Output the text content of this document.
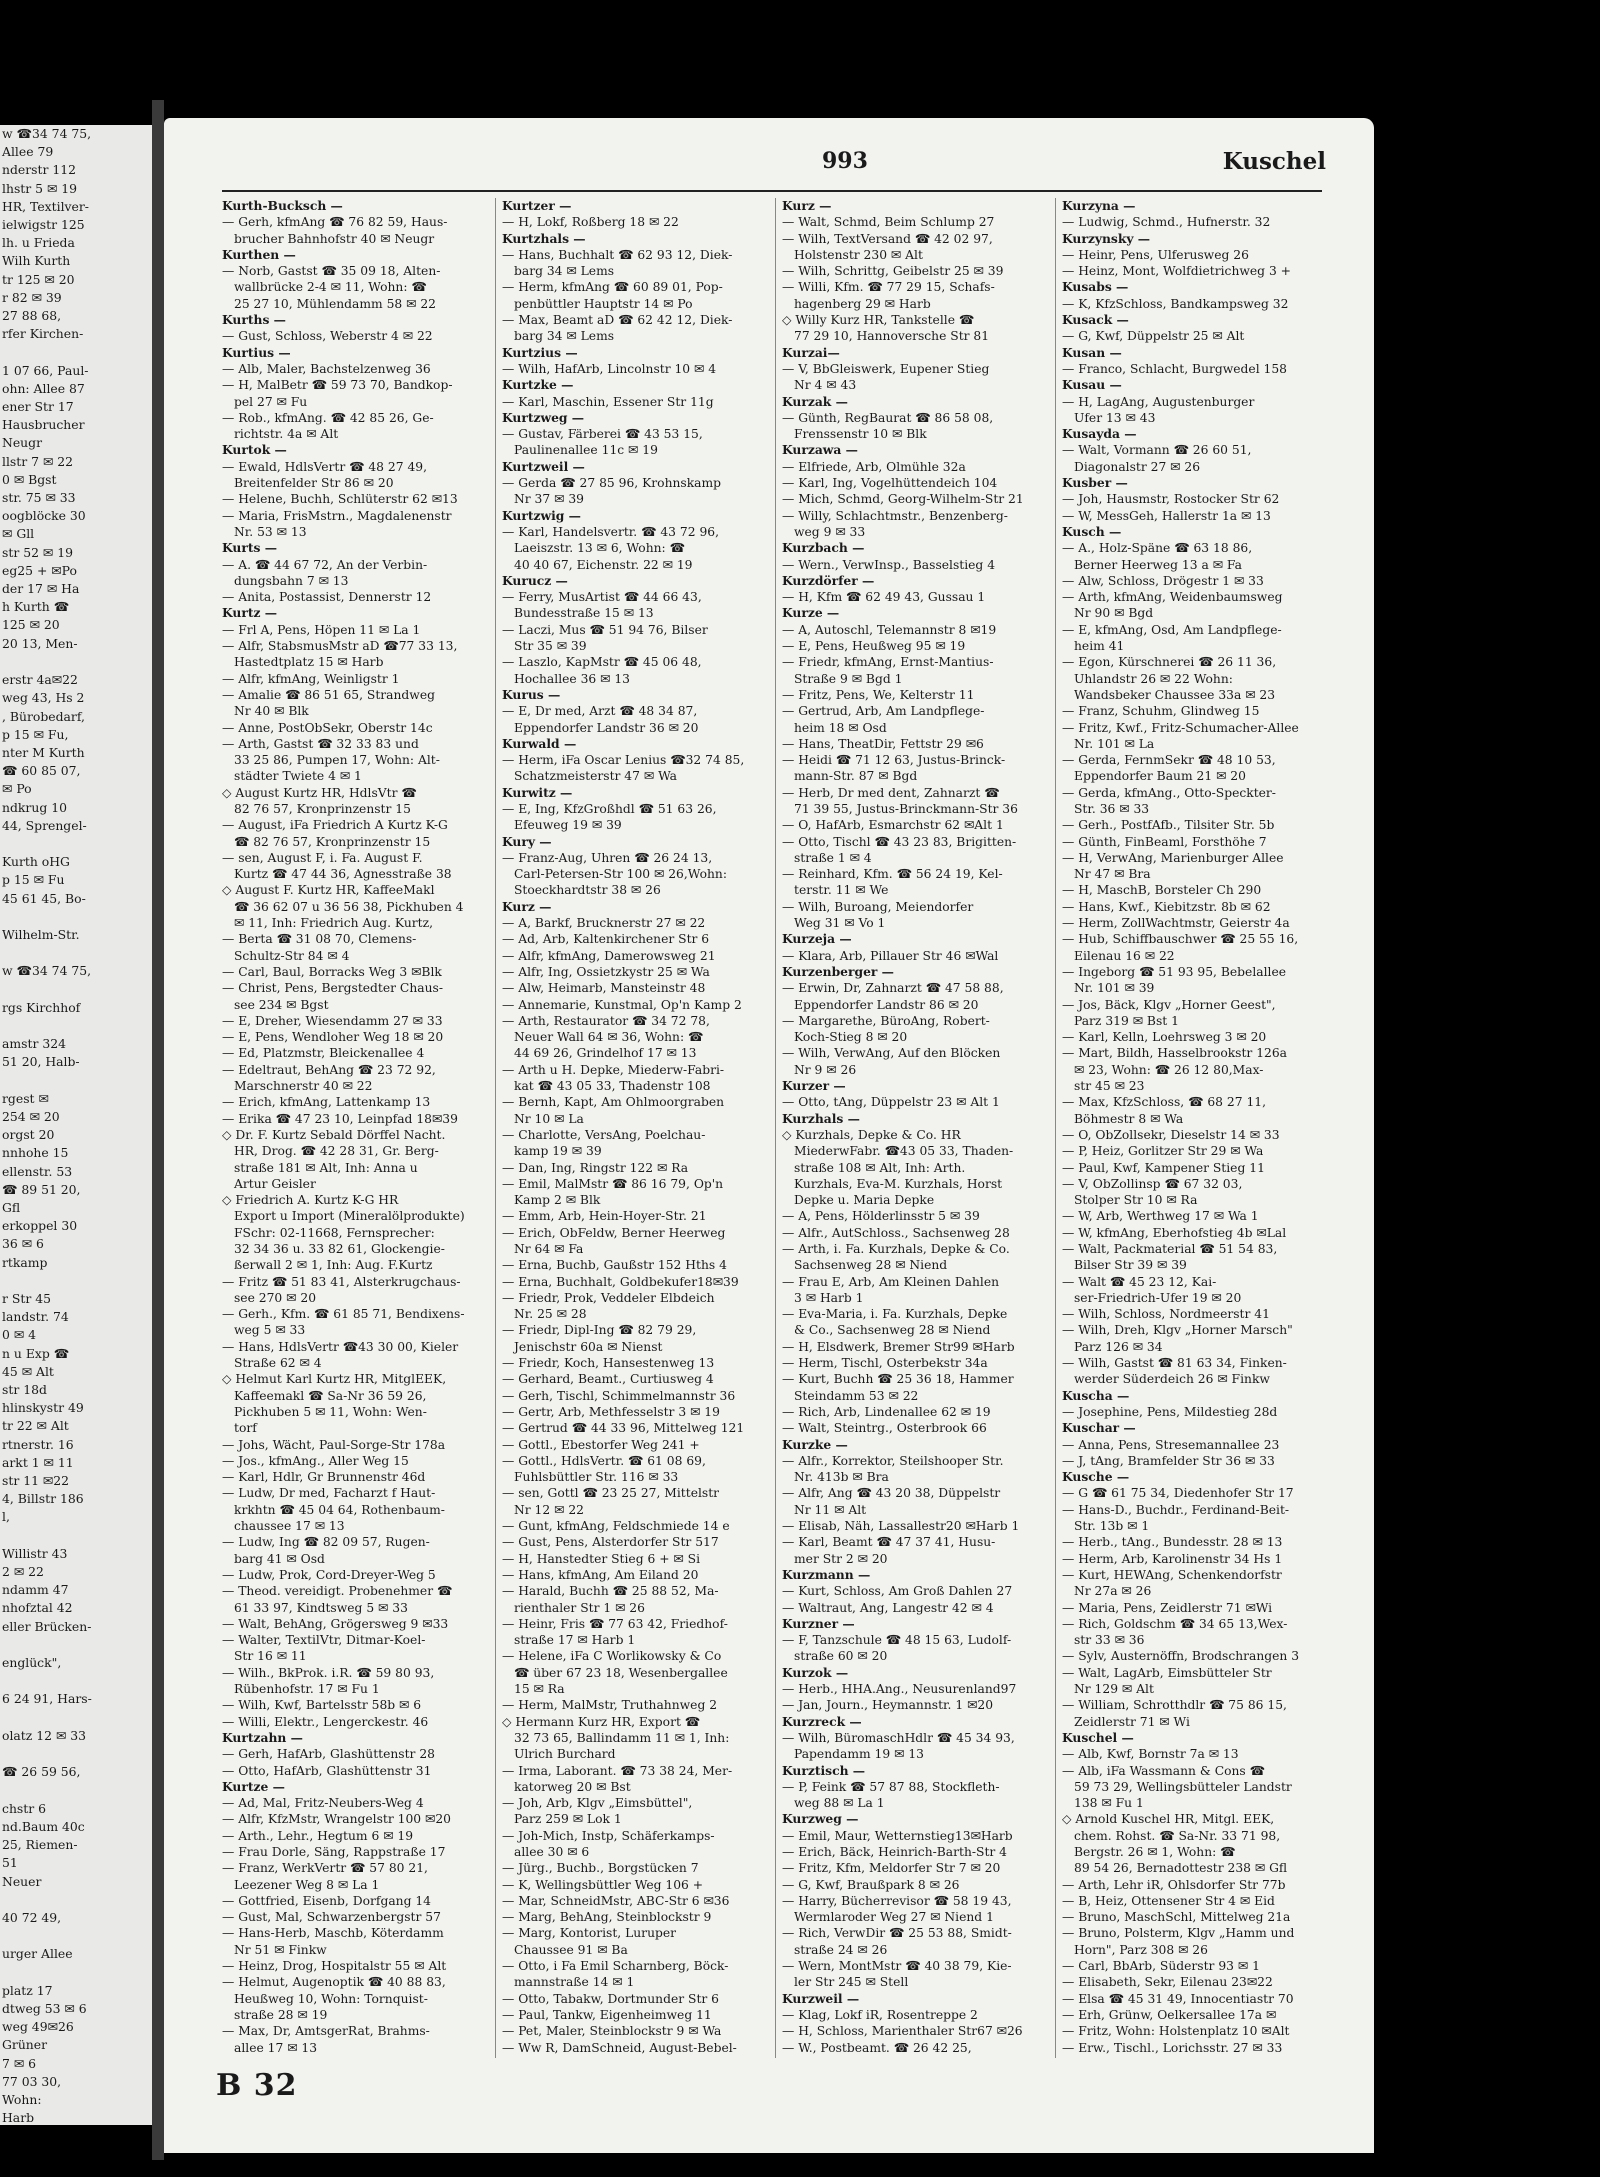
w ☎34 74 75,
Allee 79
nderstr 112
lhstr 5 ✉ 19
HR, Textilver-
ielwigstr 125
lh. u Frieda
Wilh Kurth
tr 125 ✉ 20
r 82 ✉ 39
27 88 68,
rfer Kirchen-

1 07 66, Paul-
ohn: Allee 87
ener Str 17
Hausbrucher
Neugr
llstr 7 ✉ 22
0 ✉ Bgst
str. 75 ✉ 33
oogblöcke 30
✉ Gll
str 52 ✉ 19
eg25 + ✉Po
der 17 ✉ Ha
h Kurth ☎
125 ✉ 20
20 13, Men-

erstr 4a✉22
weg 43, Hs 2
, Bürobedarf,
p 15 ✉ Fu,
nter M Kurth
☎ 60 85 07,
✉ Po
ndkrug 10
44, Sprengel-

Kurth oHG
p 15 ✉ Fu
45 61 45, Bo-

Wilhelm-Str.

w ☎34 74 75,

rgs Kirchhof

amstr 324
51 20, Halb-

rgest ✉
254 ✉ 20
orgst 20
nnhohe 15
ellenstr. 53
☎ 89 51 20,
Gfl
erkoppel 30
36 ✉ 6
rtkamp

r Str 45
landstr. 74
0 ✉ 4
n u Exp ☎
45 ✉ Alt
str 18d
hlinskystr 49
tr 22 ✉ Alt
rtnerstr. 16
arkt 1 ✉ 11
str 11 ✉22
4, Billstr 186
l,

Willistr 43
2 ✉ 22
ndamm 47
nhofztal 42
eller Brücken-

englück",

6 24 91, Hars-

olatz 12 ✉ 33

☎ 26 59 56,

chstr 6
nd.Baum 40c
25, Riemen-
51
Neuer

40 72 49,

urger Allee

platz 17
dtweg 53 ✉ 6
weg 49✉26
Grüner
7 ✉ 6
77 03 30,
Wohn:
Harb
993	Kuschel
Kurth-Bucksch —
— Gerh, kfmAng ☎ 76 82 59, Haus-
brucher Bahnhofstr 40 ✉ Neugr
Kurthen —
— Norb, Gastst ☎ 35 09 18, Alten-
wallbrücke 2-4 ✉ 11, Wohn: ☎
25 27 10, Mühlendamm 58 ✉ 22
Kurths —
— Gust, Schloss, Weberstr 4 ✉ 22
Kurtius —
— Alb, Maler, Bachstelzenweg 36
— H, MalBetr ☎ 59 73 70, Bandkop-
pel 27 ✉ Fu
— Rob., kfmAng. ☎ 42 85 26, Ge-
richtstr. 4a ✉ Alt
Kurtok —
— Ewald, HdlsVertr ☎ 48 27 49,
Breitenfelder Str 86 ✉ 20
— Helene, Buchh, Schlüterstr 62 ✉13
— Maria, FrisMstrn., Magdalenenstr
Nr. 53 ✉ 13
Kurts —
— A. ☎ 44 67 72, An der Verbin-
dungsbahn 7 ✉ 13
— Anita, Postassist, Dennerstr 12
Kurtz —
— Frl A, Pens, Höpen 11 ✉ La 1
— Alfr, StabsmusMstr aD ☎77 33 13,
Hastedtplatz 15 ✉ Harb
— Alfr, kfmAng, Weinligstr 1
— Amalie ☎ 86 51 65, Strandweg
Nr 40 ✉ Blk
— Anne, PostObSekr, Oberstr 14c
— Arth, Gastst ☎ 32 33 83 und
33 25 86, Pumpen 17, Wohn: Alt-
städter Twiete 4 ✉ 1
◇ August Kurtz HR, HdlsVtr ☎
82 76 57, Kronprinzenstr 15
— August, iFa Friedrich A Kurtz K-G
☎ 82 76 57, Kronprinzenstr 15
— sen, August F, i. Fa. August F.
Kurtz ☎ 47 44 36, Agnesstraße 38
◇ August F. Kurtz HR, KaffeeMakl
☎ 36 62 07 u 36 56 38, Pickhuben 4
✉ 11, Inh: Friedrich Aug. Kurtz,
— Berta ☎ 31 08 70, Clemens-
Schultz-Str 84 ✉ 4
— Carl, Baul, Borracks Weg 3 ✉Blk
— Christ, Pens, Bergstedter Chaus-
see 234 ✉ Bgst
— E, Dreher, Wiesendamm 27 ✉ 33
— E, Pens, Wendloher Weg 18 ✉ 20
— Ed, Platzmstr, Bleickenallee 4
— Edeltraut, BehAng ☎ 23 72 92,
Marschnerstr 40 ✉ 22
— Erich, kfmAng, Lattenkamp 13
— Erika ☎ 47 23 10, Leinpfad 18✉39
◇ Dr. F. Kurtz Sebald Dörffel Nacht.
HR, Drog. ☎ 42 28 31, Gr. Berg-
straße 181 ✉ Alt, Inh: Anna u
Artur Geisler
◇ Friedrich A. Kurtz K-G HR
Export u Import (Mineralölprodukte)
FSchr: 02-11668, Fernsprecher:
32 34 36 u. 33 82 61, Glockengie-
ßerwall 2 ✉ 1, Inh: Aug. F.Kurtz
— Fritz ☎ 51 83 41, Alsterkrugchaus-
see 270 ✉ 20
— Gerh., Kfm. ☎ 61 85 71, Bendixens-
weg 5 ✉ 33
— Hans, HdlsVertr ☎43 30 00, Kieler
Straße 62 ✉ 4
◇ Helmut Karl Kurtz HR, MitglEEK,
Kaffeemakl ☎ Sa-Nr 36 59 26,
Pickhuben 5 ✉ 11, Wohn: Wen-
torf
— Johs, Wächt, Paul-Sorge-Str 178a
— Jos., kfmAng., Aller Weg 15
— Karl, Hdlr, Gr Brunnenstr 46d
— Ludw, Dr med, Facharzt f Haut-
krkhtn ☎ 45 04 64, Rothenbaum-
chaussee 17 ✉ 13
— Ludw, Ing ☎ 82 09 57, Rugen-
barg 41 ✉ Osd
— Ludw, Prok, Cord-Dreyer-Weg 5
— Theod. vereidigt. Probenehmer ☎
61 33 97, Kindtsweg 5 ✉ 33
— Walt, BehAng, Grögersweg 9 ✉33
— Walter, TextilVtr, Ditmar-Koel-
Str 16 ✉ 11
— Wilh., BkProk. i.R. ☎ 59 80 93,
Rübenhofstr. 17 ✉ Fu 1
— Wilh, Kwf, Bartelsstr 58b ✉ 6
— Willi, Elektr., Lengerckestr. 46
Kurtzahn —
— Gerh, HafArb, Glashüttenstr 28
— Otto, HafArb, Glashüttenstr 31
Kurtze —
— Ad, Mal, Fritz-Neubers-Weg 4
— Alfr, KfzMstr, Wrangelstr 100 ✉20
— Arth., Lehr., Hegtum 6 ✉ 19
— Frau Dorle, Säng, Rappstraße 17
— Franz, WerkVertr ☎ 57 80 21,
Leezener Weg 8 ✉ La 1
— Gottfried, Eisenb, Dorfgang 14
— Gust, Mal, Schwarzenbergstr 57
— Hans-Herb, Maschb, Köterdamm
Nr 51 ✉ Finkw
— Heinz, Drog, Hospitalstr 55 ✉ Alt
— Helmut, Augenoptik ☎ 40 88 83,
Heußweg 10, Wohn: Tornquist-
straße 28 ✉ 19
— Max, Dr, AmtsgerRat, Brahms-
allee 17 ✉ 13
Kurtzer —
— H, Lokf, Roßberg 18 ✉ 22
Kurtzhals —
— Hans, Buchhalt ☎ 62 93 12, Diek-
barg 34 ✉ Lems
— Herm, kfmAng ☎ 60 89 01, Pop-
penbüttler Hauptstr 14 ✉ Po
— Max, Beamt aD ☎ 62 42 12, Diek-
barg 34 ✉ Lems
Kurtzius —
— Wilh, HafArb, Lincolnstr 10 ✉ 4
Kurtzke —
— Karl, Maschin, Essener Str 11g
Kurtzweg —
— Gustav, Färberei ☎ 43 53 15,
Paulinenallee 11c ✉ 19
Kurtzweil —
— Gerda ☎ 27 85 96, Krohnskamp
Nr 37 ✉ 39
Kurtzwig —
— Karl, Handelsvertr. ☎ 43 72 96,
Laeiszstr. 13 ✉ 6, Wohn: ☎
40 40 67, Eichenstr. 22 ✉ 19
Kurucz —
— Ferry, MusArtist ☎ 44 66 43,
Bundesstraße 15 ✉ 13
— Laczi, Mus ☎ 51 94 76, Bilser
Str 35 ✉ 39
— Laszlo, KapMstr ☎ 45 06 48,
Hochallee 36 ✉ 13
Kurus —
— E, Dr med, Arzt ☎ 48 34 87,
Eppendorfer Landstr 36 ✉ 20
Kurwald —
— Herm, iFa Oscar Lenius ☎32 74 85,
Schatzmeisterstr 47 ✉ Wa
Kurwitz —
— E, Ing, KfzGroßhdl ☎ 51 63 26,
Efeuweg 19 ✉ 39
Kury —
— Franz-Aug, Uhren ☎ 26 24 13,
Carl-Petersen-Str 100 ✉ 26,Wohn:
Stoeckhardtstr 38 ✉ 26
Kurz —
— A, Barkf, Brucknerstr 27 ✉ 22
— Ad, Arb, Kaltenkirchener Str 6
— Alfr, kfmAng, Damerowsweg 21
— Alfr, Ing, Ossietzkystr 25 ✉ Wa
— Alw, Heimarb, Mansteinstr 48
— Annemarie, Kunstmal, Op'n Kamp 2
— Arth, Restaurator ☎ 34 72 78,
Neuer Wall 64 ✉ 36, Wohn: ☎
44 69 26, Grindelhof 17 ✉ 13
— Arth u H. Depke, Miederw-Fabri-
kat ☎ 43 05 33, Thadenstr 108
— Bernh, Kapt, Am Ohlmoorgraben
Nr 10 ✉ La
— Charlotte, VersAng, Poelchau-
kamp 19 ✉ 39
— Dan, Ing, Ringstr 122 ✉ Ra
— Emil, MalMstr ☎ 86 16 79, Op'n
Kamp 2 ✉ Blk
— Emm, Arb, Hein-Hoyer-Str. 21
— Erich, ObFeldw, Berner Heerweg
Nr 64 ✉ Fa
— Erna, Buchb, Gaußstr 152 Hths 4
— Erna, Buchhalt, Goldbekufer18✉39
— Friedr, Prok, Veddeler Elbdeich
Nr. 25 ✉ 28
— Friedr, Dipl-Ing ☎ 82 79 29,
Jenischstr 60a ✉ Nienst
— Friedr, Koch, Hansestenweg 13
— Gerhard, Beamt., Curtiusweg 4
— Gerh, Tischl, Schimmelmannstr 36
— Gertr, Arb, Methfesselstr 3 ✉ 19
— Gertrud ☎ 44 33 96, Mittelweg 121
— Gottl., Ebestorfer Weg 241 +
— Gottl., HdlsVertr. ☎ 61 08 69,
Fuhlsbüttler Str. 116 ✉ 33
— sen, Gottl ☎ 23 25 27, Mittelstr
Nr 12 ✉ 22
— Gunt, kfmAng, Feldschmiede 14 e
— Gust, Pens, Alsterdorfer Str 517
— H, Hanstedter Stieg 6 + ✉ Si
— Hans, kfmAng, Am Eiland 20
— Harald, Buchh ☎ 25 88 52, Ma-
rienthaler Str 1 ✉ 26
— Heinr, Fris ☎ 77 63 42, Friedhof-
straße 17 ✉ Harb 1
— Helene, iFa C Worlikowsky & Co
☎ über 67 23 18, Wesenbergallee
15 ✉ Ra
— Herm, MalMstr, Truthahnweg 2
◇ Hermann Kurz HR, Export ☎
32 73 65, Ballindamm 11 ✉ 1, Inh:
Ulrich Burchard
— Irma, Laborant. ☎ 73 38 24, Mer-
katorweg 20 ✉ Bst
— Joh, Arb, Klgv „Eimsbüttel",
Parz 259 ✉ Lok 1
— Joh-Mich, Instp, Schäferkamps-
allee 30 ✉ 6
— Jürg., Buchb., Borgstücken 7
— K, Wellingsbüttler Weg 106 +
— Mar, SchneidMstr, ABC-Str 6 ✉36
— Marg, BehAng, Steinblockstr 9
— Marg, Kontorist, Luruper
Chaussee 91 ✉ Ba
— Otto, i Fa Emil Scharnberg, Böck-
mannstraße 14 ✉ 1
— Otto, Tabakw, Dortmunder Str 6
— Paul, Tankw, Eigenheimweg 11
— Pet, Maler, Steinblockstr 9 ✉ Wa
— Ww R, DamSchneid, August-Bebel-
Kurz —
— Walt, Schmd, Beim Schlump 27
— Wilh, TextVersand ☎ 42 02 97,
Holstenstr 230 ✉ Alt
— Wilh, Schrittg, Geibelstr 25 ✉ 39
— Willi, Kfm. ☎ 77 29 15, Schafs-
hagenberg 29 ✉ Harb
◇ Willy Kurz HR, Tankstelle ☎
77 29 10, Hannoversche Str 81
Kurzai—
— V, BbGleiswerk, Eupener Stieg
Nr 4 ✉ 43
Kurzak —
— Günth, RegBaurat ☎ 86 58 08,
Frenssenstr 10 ✉ Blk
Kurzawa —
— Elfriede, Arb, Olmühle 32a
— Karl, Ing, Vogelhüttendeich 104
— Mich, Schmd, Georg-Wilhelm-Str 21
— Willy, Schlachtmstr., Benzenberg-
weg 9 ✉ 33
Kurzbach —
— Wern., VerwInsp., Basselstieg 4
Kurzdörfer —
— H, Kfm ☎ 62 49 43, Gussau 1
Kurze —
— A, Autoschl, Telemannstr 8 ✉19
— E, Pens, Heußweg 95 ✉ 19
— Friedr, kfmAng, Ernst-Mantius-
Straße 9 ✉ Bgd 1
— Fritz, Pens, We, Kelterstr 11
— Gertrud, Arb, Am Landpflege-
heim 18 ✉ Osd
— Hans, TheatDir, Fettstr 29 ✉6
— Heidi ☎ 71 12 63, Justus-Brinck-
mann-Str. 87 ✉ Bgd
— Herb, Dr med dent, Zahnarzt ☎
71 39 55, Justus-Brinckmann-Str 36
— O, HafArb, Esmarchstr 62 ✉Alt 1
— Otto, Tischl ☎ 43 23 83, Brigitten-
straße 1 ✉ 4
— Reinhard, Kfm. ☎ 56 24 19, Kel-
terstr. 11 ✉ We
— Wilh, Buroang, Meiendorfer
Weg 31 ✉ Vo 1
Kurzeja —
— Klara, Arb, Pillauer Str 46 ✉Wal
Kurzenberger —
— Erwin, Dr, Zahnarzt ☎ 47 58 88,
Eppendorfer Landstr 86 ✉ 20
— Margarethe, BüroAng, Robert-
Koch-Stieg 8 ✉ 20
— Wilh, VerwAng, Auf den Blöcken
Nr 9 ✉ 26
Kurzer —
— Otto, tAng, Düppelstr 23 ✉ Alt 1
Kurzhals —
◇ Kurzhals, Depke & Co. HR
MiederwFabr. ☎43 05 33, Thaden-
straße 108 ✉ Alt, Inh: Arth.
Kurzhals, Eva-M. Kurzhals, Horst
Depke u. Maria Depke
— A, Pens, Hölderlinsstr 5 ✉ 39
— Alfr., AutSchloss., Sachsenweg 28
— Arth, i. Fa. Kurzhals, Depke & Co.
Sachsenweg 28 ✉ Niend
— Frau E, Arb, Am Kleinen Dahlen
3 ✉ Harb 1
— Eva-Maria, i. Fa. Kurzhals, Depke
& Co., Sachsenweg 28 ✉ Niend
— H, Elsdwerk, Bremer Str99 ✉Harb
— Herm, Tischl, Osterbekstr 34a
— Kurt, Buchh ☎ 25 36 18, Hammer
Steindamm 53 ✉ 22
— Rich, Arb, Lindenallee 62 ✉ 19
— Walt, Steintrg., Osterbrook 66
Kurzke —
— Alfr., Korrektor, Steilshooper Str.
Nr. 413b ✉ Bra
— Alfr, Ang ☎ 43 20 38, Düppelstr
Nr 11 ✉ Alt
— Elisab, Näh, Lassallestr20 ✉Harb 1
— Karl, Beamt ☎ 47 37 41, Husu-
mer Str 2 ✉ 20
Kurzmann —
— Kurt, Schloss, Am Groß Dahlen 27
— Waltraut, Ang, Langestr 42 ✉ 4
Kurzner —
— F, Tanzschule ☎ 48 15 63, Ludolf-
straße 60 ✉ 20
Kurzok —
— Herb., HHA.Ang., Neusurenland97
— Jan, Journ., Heymannstr. 1 ✉20
Kurzreck —
— Wilh, BüromaschHdlr ☎ 45 34 93,
Papendamm 19 ✉ 13
Kurztisch —
— P, Feink ☎ 57 87 88, Stockfleth-
weg 88 ✉ La 1
Kurzweg —
— Emil, Maur, Wetternstieg13✉Harb
— Erich, Bäck, Heinrich-Barth-Str 4
— Fritz, Kfm, Meldorfer Str 7 ✉ 20
— G, Kwf, Braußpark 8 ✉ 26
— Harry, Bücherrevisor ☎ 58 19 43,
Wermlaroder Weg 27 ✉ Niend 1
— Rich, VerwDir ☎ 25 53 88, Smidt-
straße 24 ✉ 26
— Wern, MontMstr ☎ 40 38 79, Kie-
ler Str 245 ✉ Stell
Kurzweil —
— Klag, Lokf iR, Rosentreppe 2
— H, Schloss, Marienthaler Str67 ✉26
— W., Postbeamt. ☎ 26 42 25,
Kurzyna —
— Ludwig, Schmd., Hufnerstr. 32
Kurzynsky —
— Heinr, Pens, Ulferusweg 26
— Heinz, Mont, Wolfdietrichweg 3 +
Kusabs —
— K, KfzSchloss, Bandkampsweg 32
Kusack —
— G, Kwf, Düppelstr 25 ✉ Alt
Kusan —
— Franco, Schlacht, Burgwedel 158
Kusau —
— H, LagAng, Augustenburger
Ufer 13 ✉ 43
Kusayda —
— Walt, Vormann ☎ 26 60 51,
Diagonalstr 27 ✉ 26
Kusber —
— Joh, Hausmstr, Rostocker Str 62
— W, MessGeh, Hallerstr 1a ✉ 13
Kusch —
— A., Holz-Späne ☎ 63 18 86,
Berner Heerweg 13 a ✉ Fa
— Alw, Schloss, Drögestr 1 ✉ 33
— Arth, kfmAng, Weidenbaumsweg
Nr 90 ✉ Bgd
— E, kfmAng, Osd, Am Landpflege-
heim 41
— Egon, Kürschnerei ☎ 26 11 36,
Uhlandstr 26 ✉ 22 Wohn:
Wandsbeker Chaussee 33a ✉ 23
— Franz, Schuhm, Glindweg 15
— Fritz, Kwf., Fritz-Schumacher-Allee
Nr. 101 ✉ La
— Gerda, FernmSekr ☎ 48 10 53,
Eppendorfer Baum 21 ✉ 20
— Gerda, kfmAng., Otto-Speckter-
Str. 36 ✉ 33
— Gerh., PostfAfb., Tilsiter Str. 5b
— Günth, FinBeaml, Forsthöhe 7
— H, VerwAng, Marienburger Allee
Nr 47 ✉ Bra
— H, MaschB, Borsteler Ch 290
— Hans, Kwf., Kiebitzstr. 8b ✉ 62
— Herm, ZollWachtmstr, Geierstr 4a
— Hub, Schiffbauschwer ☎ 25 55 16,
Eilenau 16 ✉ 22
— Ingeborg ☎ 51 93 95, Bebelallee
Nr. 101 ✉ 39
— Jos, Bäck, Klgv „Horner Geest",
Parz 319 ✉ Bst 1
— Karl, Kelln, Loehrsweg 3 ✉ 20
— Mart, Bildh, Hasselbrookstr 126a
✉ 23, Wohn: ☎ 26 12 80,Max-
str 45 ✉ 23
— Max, KfzSchloss, ☎ 68 27 11,
Böhmestr 8 ✉ Wa
— O, ObZollsekr, Dieselstr 14 ✉ 33
— P, Heiz, Gorlitzer Str 29 ✉ Wa
— Paul, Kwf, Kampener Stieg 11
— V, ObZollinsp ☎ 67 32 03,
Stolper Str 10 ✉ Ra
— W, Arb, Werthweg 17 ✉ Wa 1
— W, kfmAng, Eberhofstieg 4b ✉Lal
— Walt, Packmaterial ☎ 51 54 83,
Bilser Str 39 ✉ 39
— Walt ☎ 45 23 12, Kai-
ser-Friedrich-Ufer 19 ✉ 20
— Wilh, Schloss, Nordmeerstr 41
— Wilh, Dreh, Klgv „Horner Marsch"
Parz 126 ✉ 34
— Wilh, Gastst ☎ 81 63 34, Finken-
werder Süderdeich 26 ✉ Finkw
Kuscha —
— Josephine, Pens, Mildestieg 28d
Kuschar —
— Anna, Pens, Stresemannallee 23
— J, tAng, Bramfelder Str 36 ✉ 33
Kusche —
— G ☎ 61 75 34, Diedenhofer Str 17
— Hans-D., Buchdr., Ferdinand-Beit-
Str. 13b ✉ 1
— Herb., tAng., Bundesstr. 28 ✉ 13
— Herm, Arb, Karolinenstr 34 Hs 1
— Kurt, HEWAng, Schenkendorfstr
Nr 27a ✉ 26
— Maria, Pens, Zeidlerstr 71 ✉Wi
— Rich, Goldschm ☎ 34 65 13,Wex-
str 33 ✉ 36
— Sylv, Austernöffn, Brodschrangen 3
— Walt, LagArb, Eimsbütteler Str
Nr 129 ✉ Alt
— William, Schrotthdlr ☎ 75 86 15,
Zeidlerstr 71 ✉ Wi
Kuschel —
— Alb, Kwf, Bornstr 7a ✉ 13
— Alb, iFa Wassmann & Cons ☎
59 73 29, Wellingsbütteler Landstr
138 ✉ Fu 1
◇ Arnold Kuschel HR, Mitgl. EEK,
chem. Rohst. ☎ Sa-Nr. 33 71 98,
Bergstr. 26 ✉ 1, Wohn: ☎
89 54 26, Bernadottestr 238 ✉ Gfl
— Arth, Lehr iR, Ohlsdorfer Str 77b
— B, Heiz, Ottensener Str 4 ✉ Eid
— Bruno, MaschSchl, Mittelweg 21a
— Bruno, Polsterm, Klgv „Hamm und
Horn", Parz 308 ✉ 26
— Carl, BbArb, Süderstr 93 ✉ 1
— Elisabeth, Sekr, Eilenau 23✉22
— Elsa ☎ 45 31 49, Innocentiastr 70
— Erh, Grünw, Oelkersallee 17a ✉
— Fritz, Wohn: Holstenplatz 10 ✉Alt
— Erw., Tischl., Lorichsstr. 27 ✉ 33
B 32
